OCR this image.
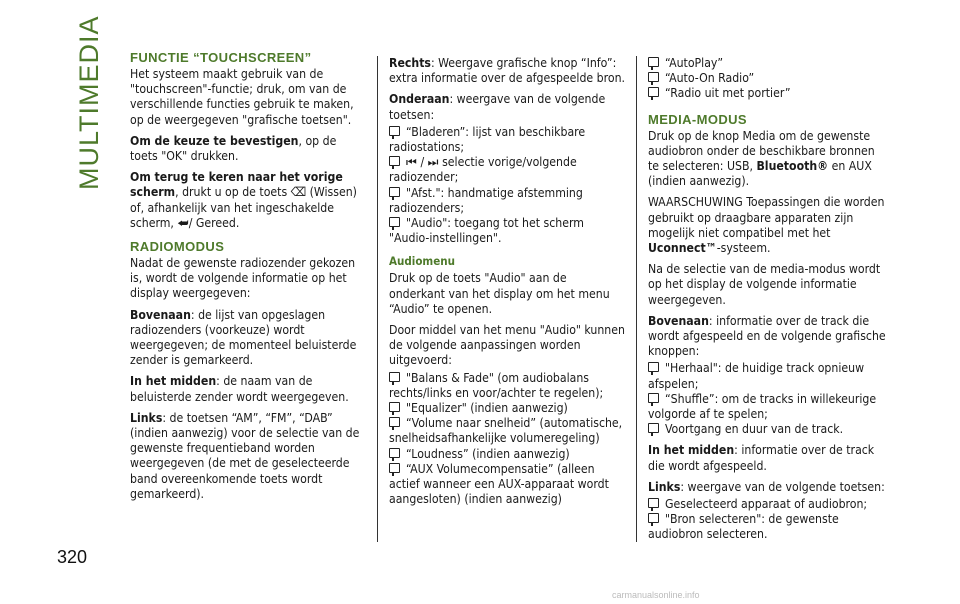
MULTIMEDIA
320
carmanualsonline.info
FUNCTIE “TOUCHSCREEN”

Het systeem maakt gebruik van de "touchscreen"-functie; druk, om van de verschillende functies gebruik te maken, op de weergegeven "grafische toetsen".

Om de keuze te bevestigen, op de toets "OK" drukken.

Om terug te keren naar het vorige scherm, drukt u op de toets ⌫ (Wissen) of, afhankelijk van het ingeschakelde scherm, ⮨/ Gereed.

RADIOMODUS

Nadat de gewenste radiozender gekozen is, wordt de volgende informatie op het display weergegeven:

Bovenaan: de lijst van opgeslagen radiozenders (voorkeuze) wordt weergegeven; de momenteel beluisterde zender is gemarkeerd.

In het midden: de naam van de beluisterde zender wordt weergegeven.

Links: de toetsen “AM”, “FM”, “DAB” (indien aanwezig) voor de selectie van de gewenste frequentieband worden weergegeven (de met de geselecteerde band overeenkomende toets wordt gemarkeerd).

Rechts: Weergave grafische knop “Info”: extra informatie over de afgespeelde bron.

Onderaan: weergave van de volgende toetsen:

“Bladeren”: lijst van beschikbare radiostations;
⏮ / ⏭ selectie vorige/volgende radiozender;
"Afst.": handmatige afstemming radiozenders;
"Audio": toegang tot het scherm "Audio-instellingen".
Audiomenu

Druk op de toets "Audio" aan de onderkant van het display om het menu “Audio” te openen.

Door middel van het menu "Audio" kunnen de volgende aanpassingen worden uitgevoerd:

"Balans & Fade" (om audiobalans rechts/links en voor/achter te regelen);
"Equalizer" (indien aanwezig)
“Volume naar snelheid” (automatische, snelheidsafhankelijke volumeregeling)
“Loudness” (indien aanwezig)
“AUX Volumecompensatie” (alleen actief wanneer een AUX-apparaat wordt aangesloten) (indien aanwezig)
“AutoPlay”
“Auto-On Radio”
“Radio uit met portier”
MEDIA-MODUS

Druk op de knop Media om de gewenste audiobron onder de beschikbare bronnen te selecteren: USB, Bluetooth® en AUX (indien aanwezig).

WAARSCHUWING Toepassingen die worden gebruikt op draagbare apparaten zijn mogelijk niet compatibel met het Uconnect™-systeem.

Na de selectie van de media-modus wordt op het display de volgende informatie weergegeven.

Bovenaan: informatie over de track die wordt afgespeeld en de volgende grafische knoppen:

"Herhaal": de huidige track opnieuw afspelen;
“Shuffle”: om de tracks in willekeurige volgorde af te spelen;
Voortgang en duur van de track.

In het midden: informatie over de track die wordt afgespeeld.

Links: weergave van de volgende toetsen:

Geselecteerd apparaat of audiobron;
"Bron selecteren": de gewenste audiobron selecteren.
